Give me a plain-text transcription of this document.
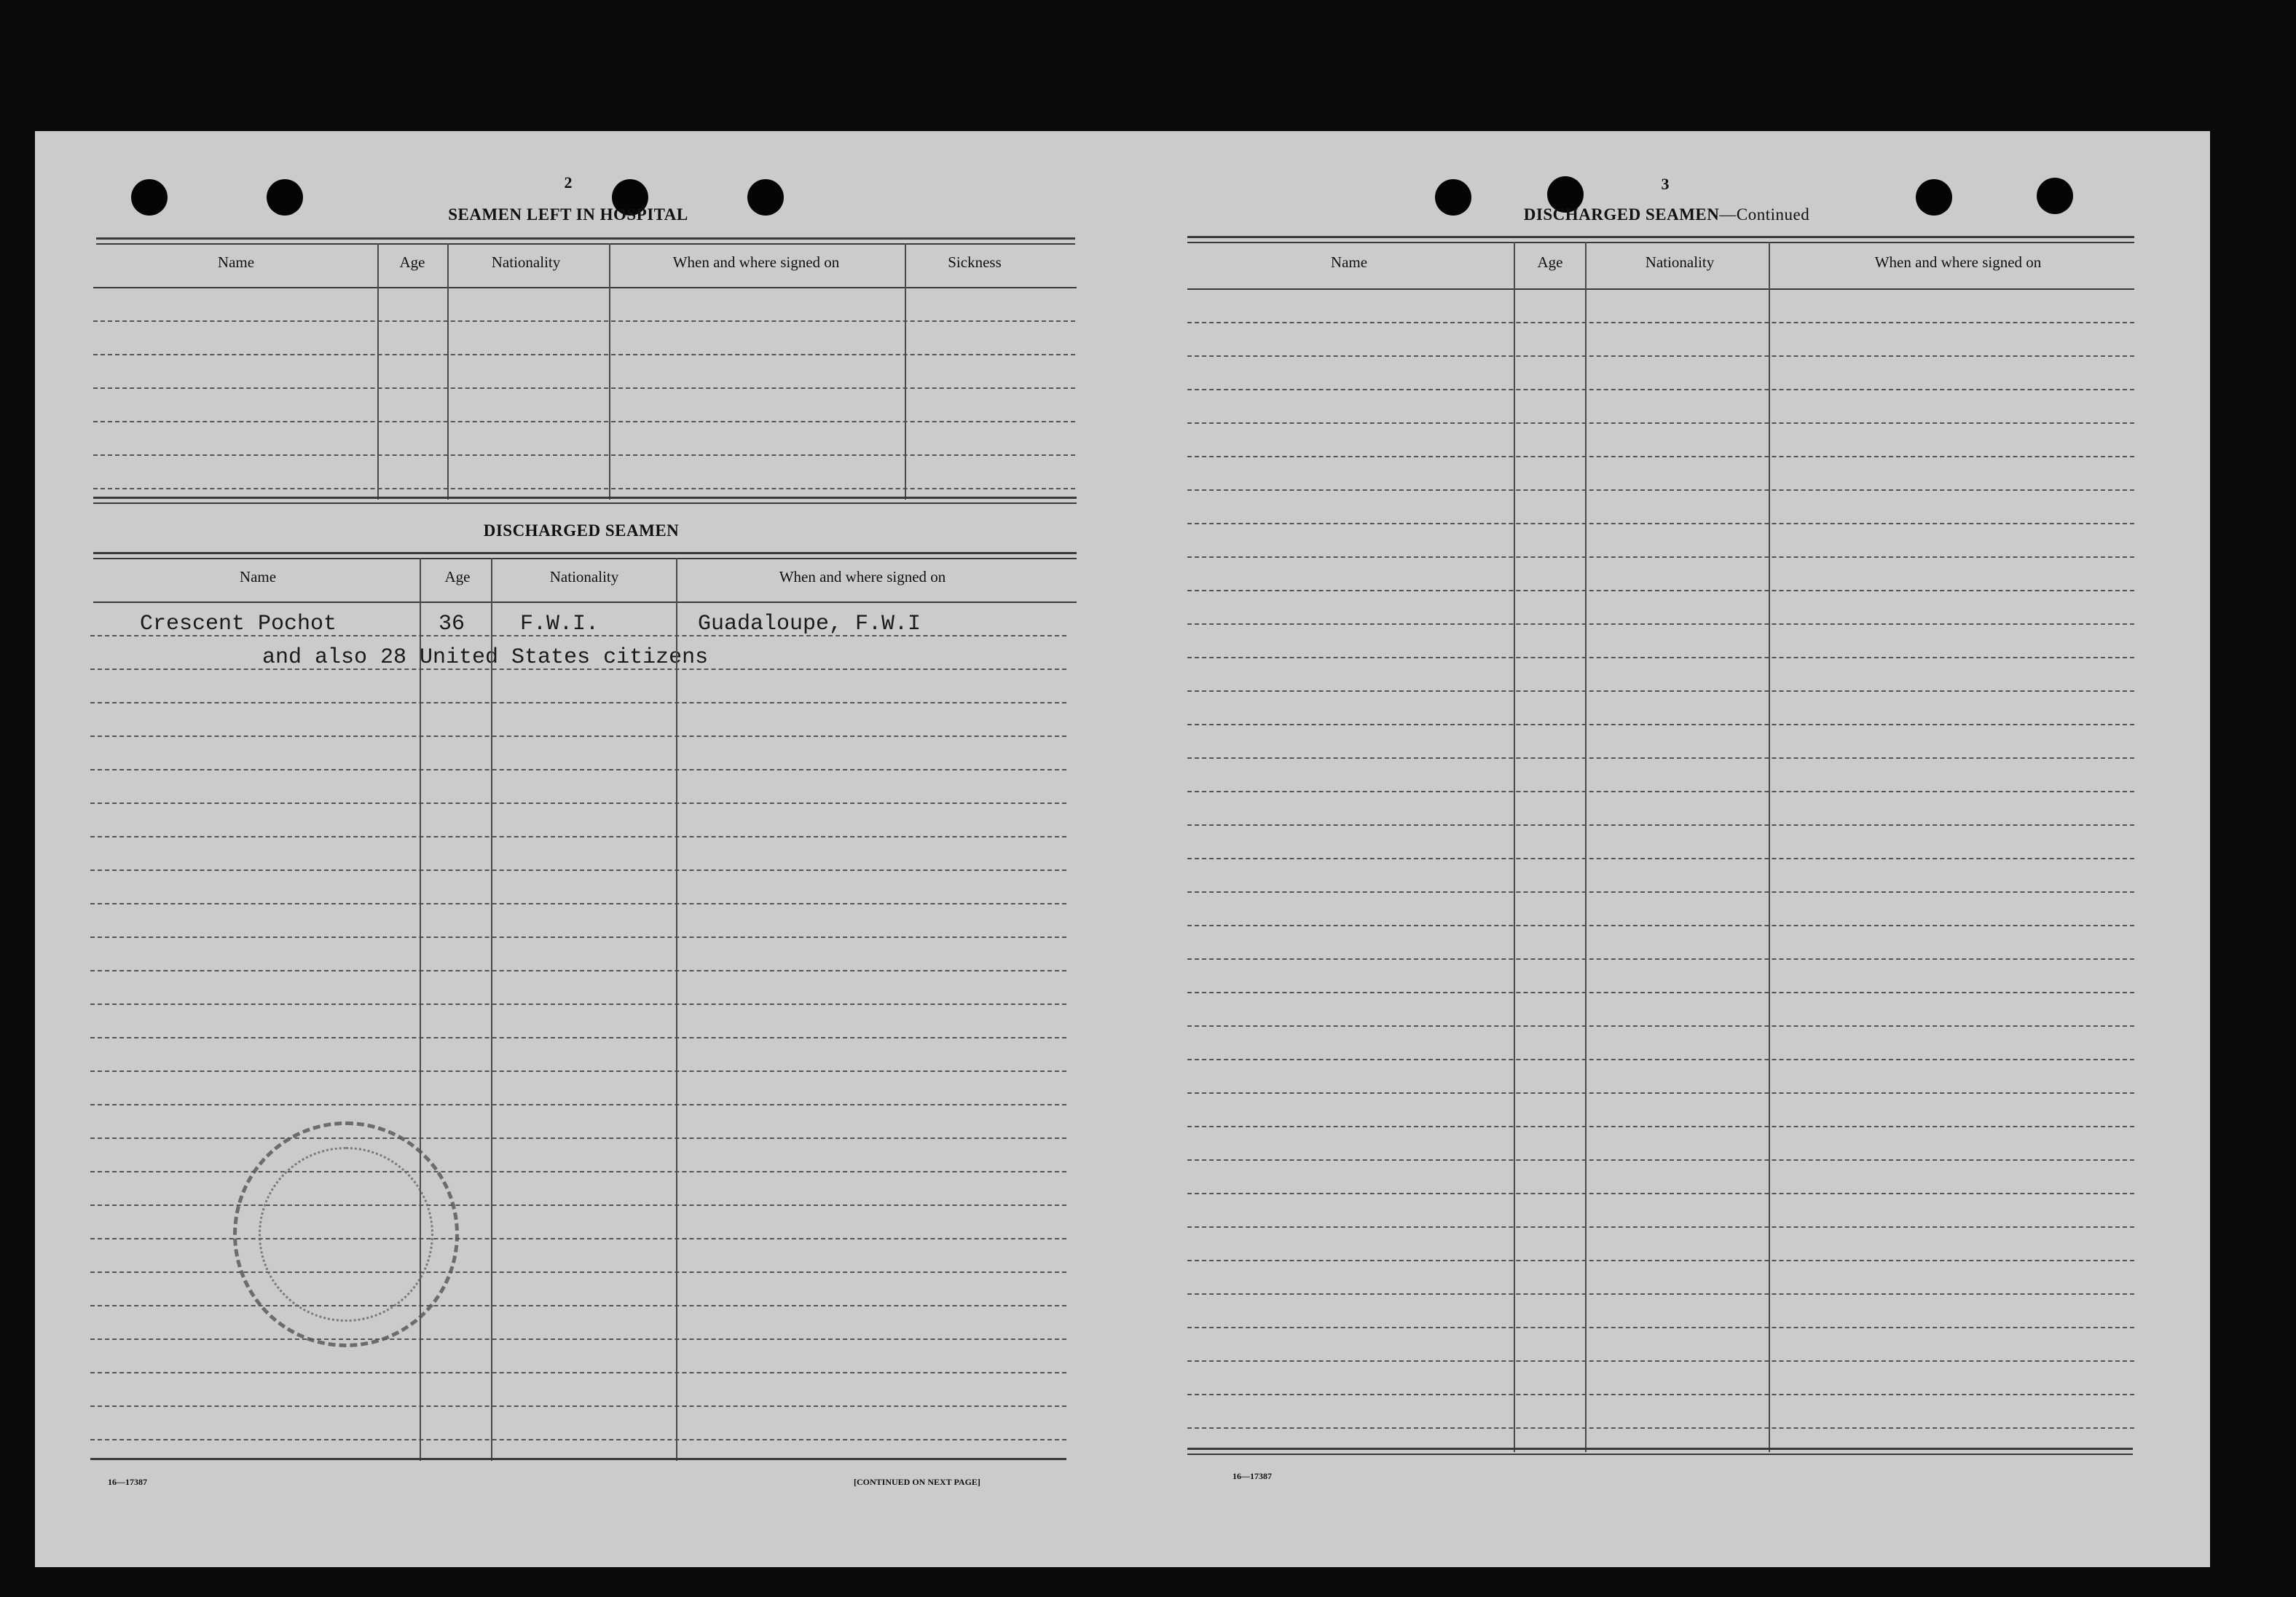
2
SEAMEN LEFT IN HOSPITAL
Name	Age	Nationality	When and where signed on	Sickness
DISCHARGED SEAMEN
Name	Age	Nationality	When and where signed on
Crescent Pochot	36	F.W.I.	Guadaloupe, F.W.I
and also 28 United States citizens
16—17387	[CONTINUED ON NEXT PAGE]
3
DISCHARGED SEAMEN—Continued
Name	Age	Nationality	When and where signed on
16—17387
